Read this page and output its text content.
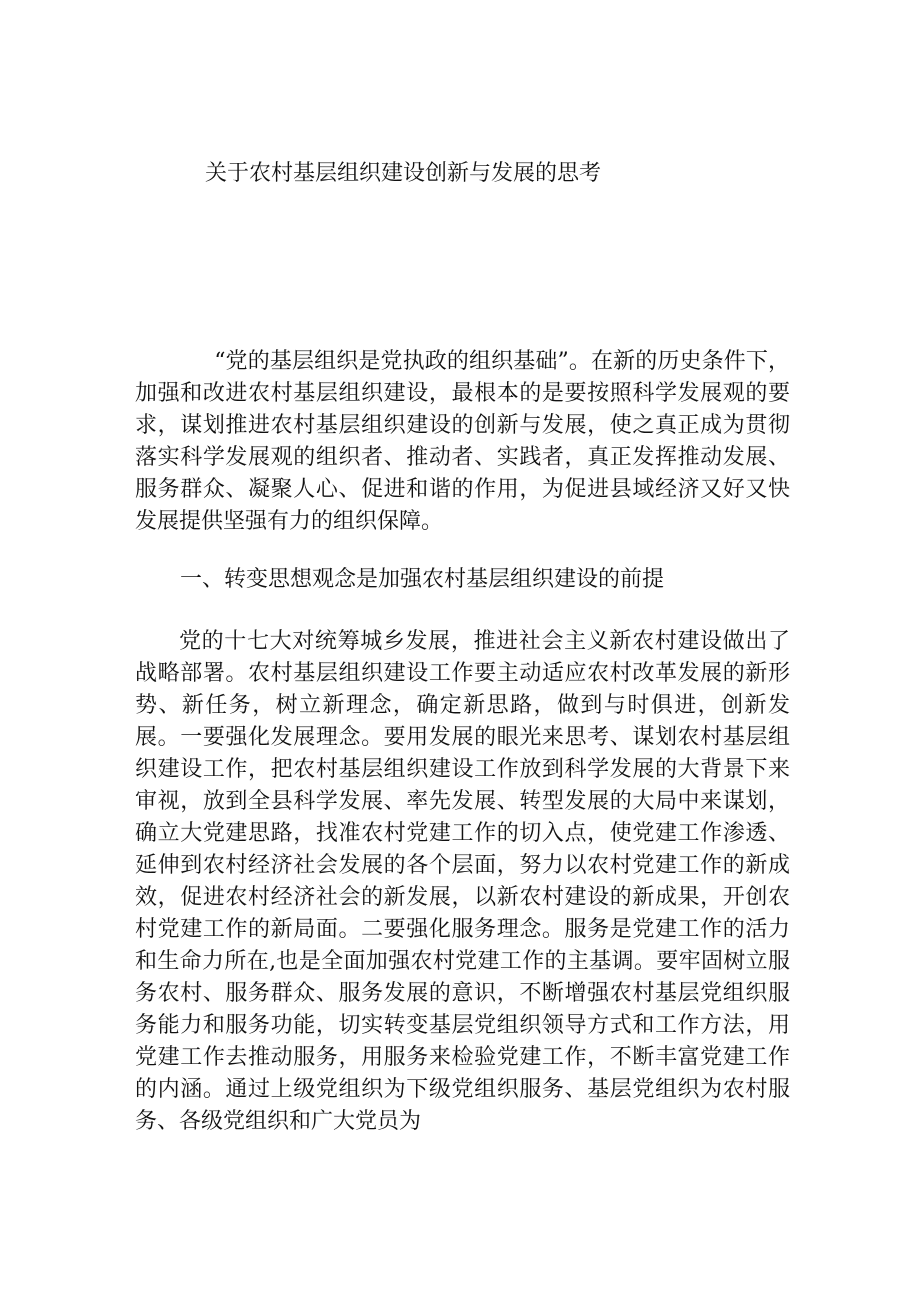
关于农村基层组织建设创新与发展的思考

“党的基层组织是党执政的组织基础”。在新的历史条件下，加强和改进农村基层组织建设，最根本的是要按照科学发展观的要求，谋划推进农村基层组织建设的创新与发展，使之真正成为贯彻落实科学发展观的组织者、推动者、实践者，真正发挥推动发展、服务群众、凝聚人心、促进和谐的作用，为促进县域经济又好又快发展提供坚强有力的组织保障。

一、转变思想观念是加强农村基层组织建设的前提

党的十七大对统筹城乡发展，推进社会主义新农村建设做出了战略部署。农村基层组织建设工作要主动适应农村改革发展的新形势、新任务，树立新理念，确定新思路，做到与时俱进，创新发展。一要强化发展理念。要用发展的眼光来思考、谋划农村基层组织建设工作，把农村基层组织建设工作放到科学发展的大背景下来审视，放到全县科学发展、率先发展、转型发展的大局中来谋划，确立大党建思路，找准农村党建工作的切入点，使党建工作渗透、延伸到农村经济社会发展的各个层面，努力以农村党建工作的新成效，促进农村经济社会的新发展，以新农村建设的新成果，开创农村党建工作的新局面。二要强化服务理念。服务是党建工作的活力和生命力所在,也是全面加强农村党建工作的主基调。要牢固树立服务农村、服务群众、服务发展的意识，不断增强农村基层党组织服务能力和服务功能，切实转变基层党组织领导方式和工作方法，用党建工作去推动服务，用服务来检验党建工作，不断丰富党建工作的内涵。通过上级党组织为下级党组织服务、基层党组织为农村服务、各级党组织和广大党员为
